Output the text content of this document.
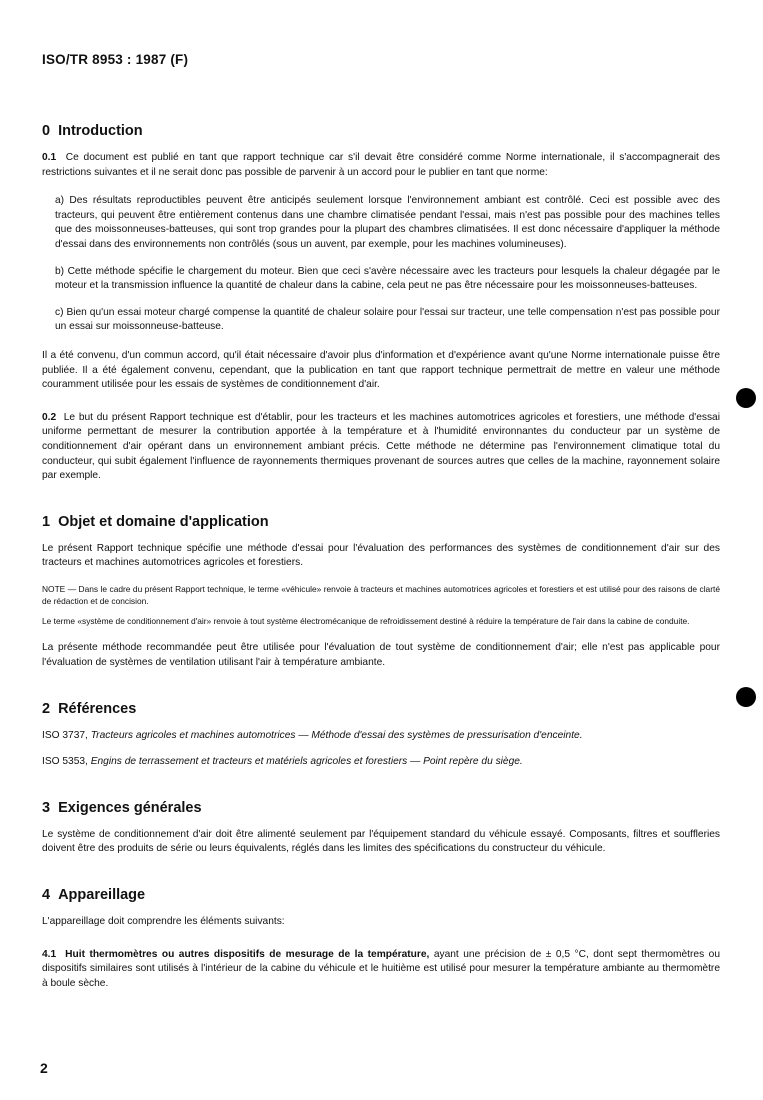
ISO/TR 8953 : 1987 (F)
0 Introduction

0.1 Ce document est publié en tant que rapport technique car s'il devait être considéré comme Norme internationale, il s'accompagnerait des restrictions suivantes et il ne serait donc pas possible de parvenir à un accord pour le publier en tant que norme:

a) Des résultats reproductibles peuvent être anticipés seulement lorsque l'environnement ambiant est contrôlé. Ceci est possible avec des tracteurs, qui peuvent être entièrement contenus dans une chambre climatisée pendant l'essai, mais n'est pas possible pour des machines telles que des moissonneuses-batteuses, qui sont trop grandes pour la plupart des chambres climatisées. Il est donc nécessaire d'appliquer la méthode d'essai dans des environnements non contrôlés (sous un auvent, par exemple, pour les machines volumineuses).

b) Cette méthode spécifie le chargement du moteur. Bien que ceci s'avère nécessaire avec les tracteurs pour lesquels la chaleur dégagée par le moteur et la transmission influence la quantité de chaleur dans la cabine, cela peut ne pas être nécessaire pour les moissonneuses-batteuses.

c) Bien qu'un essai moteur chargé compense la quantité de chaleur solaire pour l'essai sur tracteur, une telle compensation n'est pas possible pour un essai sur moissonneuse-batteuse.

Il a été convenu, d'un commun accord, qu'il était nécessaire d'avoir plus d'information et d'expérience avant qu'une Norme internationale puisse être publiée. Il a été également convenu, cependant, que la publication en tant que rapport technique permettrait de mettre en valeur une méthode couramment utilisée pour les essais de systèmes de conditionnement d'air.

0.2 Le but du présent Rapport technique est d'établir, pour les tracteurs et les machines automotrices agricoles et forestiers, une méthode d'essai uniforme permettant de mesurer la contribution apportée à la température et à l'humidité environnantes du conducteur par un système de conditionnement d'air opérant dans un environnement ambiant précis. Cette méthode ne détermine pas l'environnement climatique total du conducteur, qui subit également l'influence de rayonnements thermiques provenant de sources autres que celles de la machine, rayonnement solaire par exemple.

1 Objet et domaine d'application

Le présent Rapport technique spécifie une méthode d'essai pour l'évaluation des performances des systèmes de conditionnement d'air sur des tracteurs et machines automotrices agricoles et forestiers.

NOTE — Dans le cadre du présent Rapport technique, le terme «véhicule» renvoie à tracteurs et machines automotrices agricoles et forestiers et est utilisé pour des raisons de clarté de rédaction et de concision.

Le terme «système de conditionnement d'air» renvoie à tout système électromécanique de refroidissement destiné à réduire la température de l'air dans la cabine de conduite.

La présente méthode recommandée peut être utilisée pour l'évaluation de tout système de conditionnement d'air; elle n'est pas applicable pour l'évaluation de systèmes de ventilation utilisant l'air à température ambiante.

2 Références

ISO 3737, Tracteurs agricoles et machines automotrices — Méthode d'essai des systèmes de pressurisation d'enceinte.

ISO 5353, Engins de terrassement et tracteurs et matériels agricoles et forestiers — Point repère du siège.

3 Exigences générales

Le système de conditionnement d'air doit être alimenté seulement par l'équipement standard du véhicule essayé. Composants, filtres et souffleries doivent être des produits de série ou leurs équivalents, réglés dans les limites des spécifications du constructeur du véhicule.

4 Appareillage

L'appareillage doit comprendre les éléments suivants:

4.1 Huit thermomètres ou autres dispositifs de mesurage de la température, ayant une précision de ± 0,5 °C, dont sept thermomètres ou dispositifs similaires sont utilisés à l'intérieur de la cabine du véhicule et le huitième est utilisé pour mesurer la température ambiante au thermomètre à boule sèche.

2
